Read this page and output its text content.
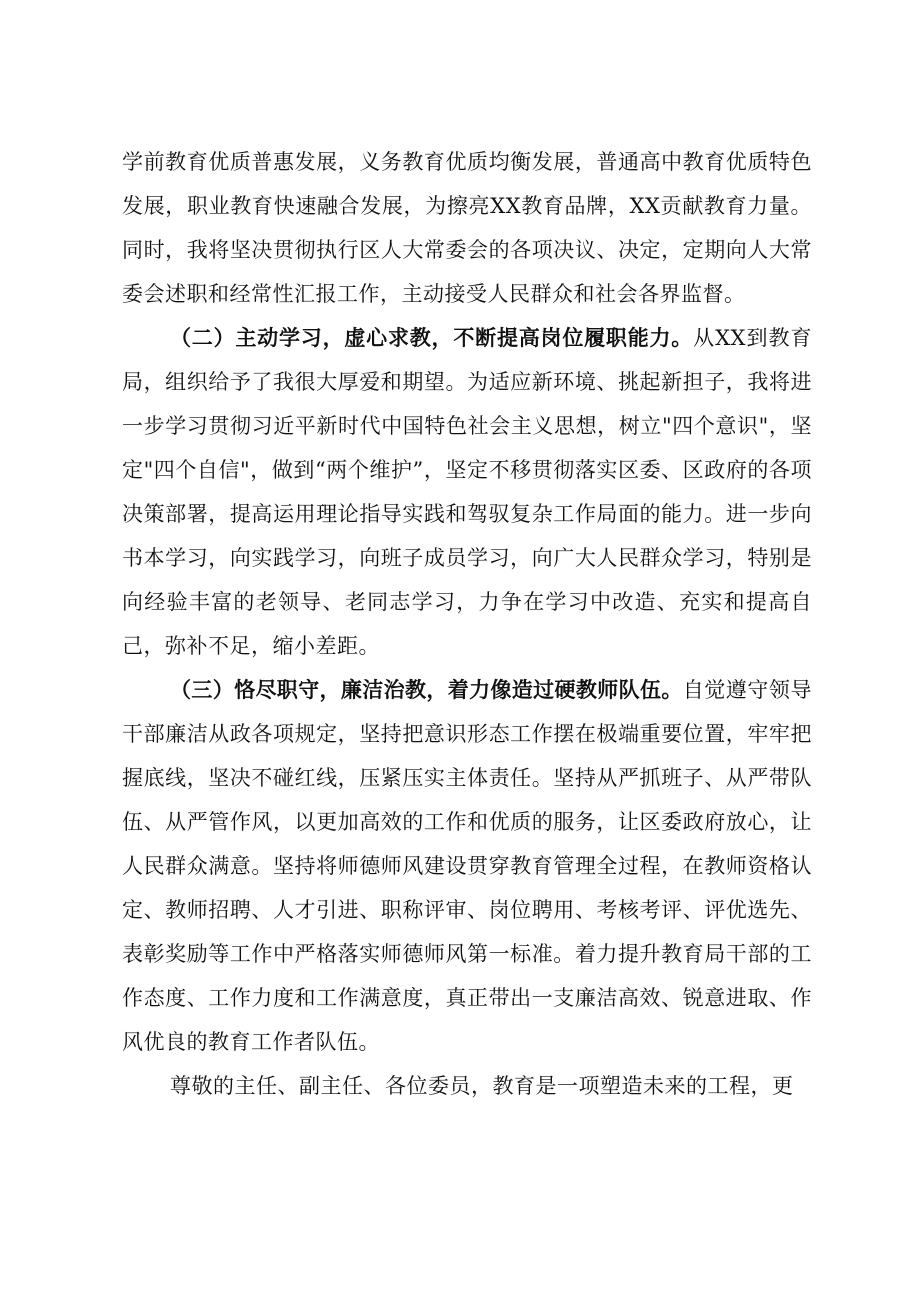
学前教育优质普惠发展，义务教育优质均衡发展，普通高中教育优质特色发展，职业教育快速融合发展，为擦亮XX教育品牌，XX贡献教育力量。同时，我将坚决贯彻执行区人大常委会的各项决议、决定，定期向人大常委会述职和经常性汇报工作，主动接受人民群众和社会各界监督。

（二）主动学习，虚心求教，不断提高岗位履职能力。从XX到教育局，组织给予了我很大厚爱和期望。为适应新环境、挑起新担子，我将进一步学习贯彻习近平新时代中国特色社会主义思想，树立"四个意识"，坚定"四个自信"，做到“两个维护”，坚定不移贯彻落实区委、区政府的各项决策部署，提高运用理论指导实践和驾驭复杂工作局面的能力。进一步向书本学习，向实践学习，向班子成员学习，向广大人民群众学习，特别是向经验丰富的老领导、老同志学习，力争在学习中改造、充实和提高自己，弥补不足，缩小差距。

（三）恪尽职守，廉洁治教，着力像造过硬教师队伍。自觉遵守领导干部廉洁从政各项规定，坚持把意识形态工作摆在极端重要位置，牢牢把握底线，坚决不碰红线，压紧压实主体责任。坚持从严抓班子、从严带队伍、从严管作风，以更加高效的工作和优质的服务，让区委政府放心，让人民群众满意。坚持将师德师风建设贯穿教育管理全过程，在教师资格认定、教师招聘、人才引进、职称评审、岗位聘用、考核考评、评优选先、表彰奖励等工作中严格落实师德师风第一标准。着力提升教育局干部的工作态度、工作力度和工作满意度，真正带出一支廉洁高效、锐意进取、作风优良的教育工作者队伍。

尊敬的主任、副主任、各位委员，教育是一项塑造未来的工程，更
